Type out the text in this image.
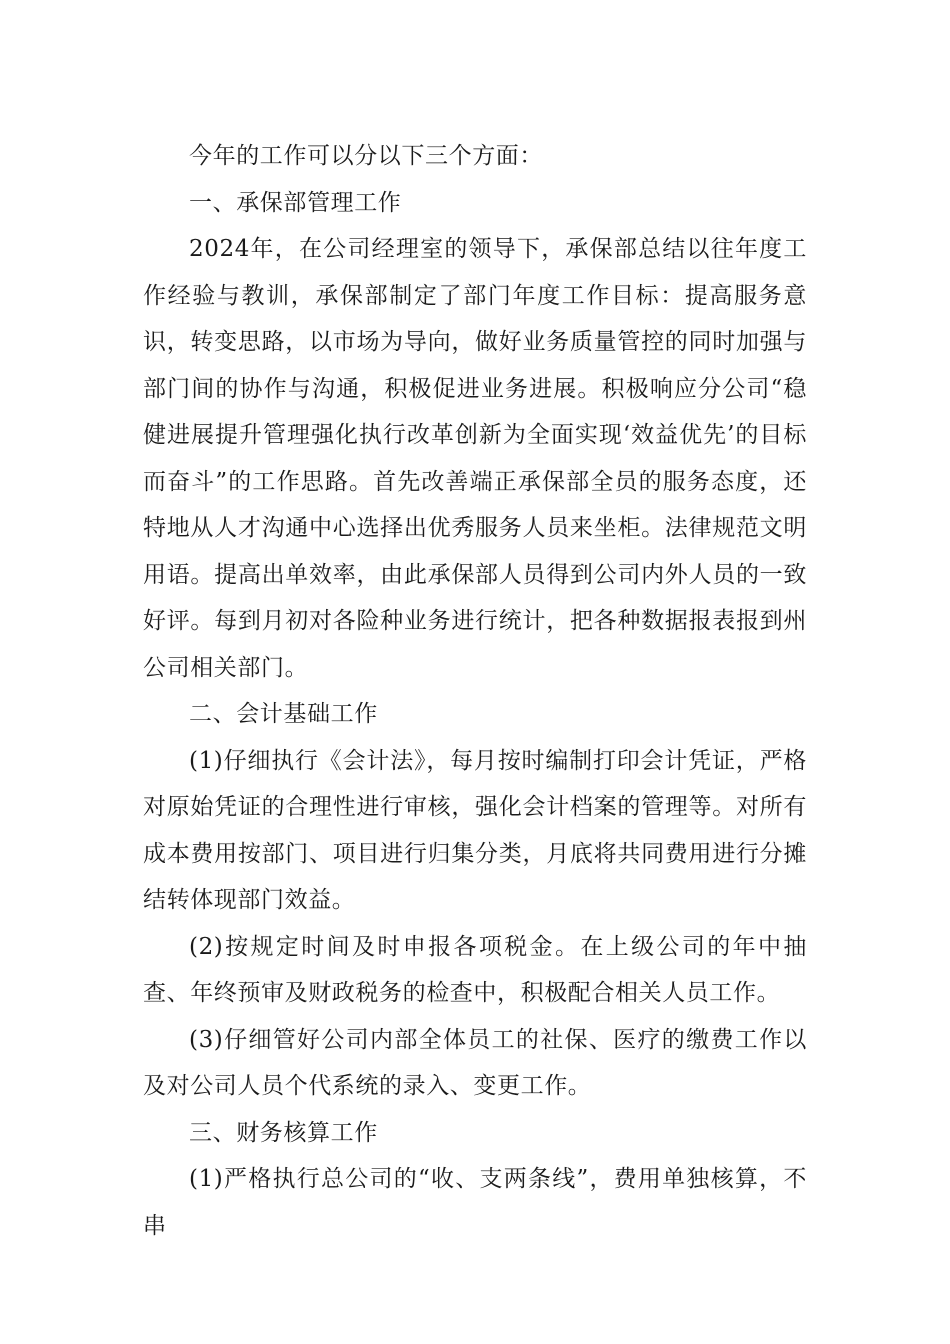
今年的工作可以分以下三个方面：

一、承保部管理工作

2024年，在公司经理室的领导下，承保部总结以往年度工作经验与教训，承保部制定了部门年度工作目标：提高服务意识，转变思路，以市场为导向，做好业务质量管控的同时加强与部门间的协作与沟通，积极促进业务进展。积极响应分公司“稳健进展提升管理强化执行改革创新为全面实现‘效益优先’的目标而奋斗”的工作思路。首先改善端正承保部全员的服务态度，还特地从人才沟通中心选择出优秀服务人员来坐柜。法律规范文明用语。提高出单效率，由此承保部人员得到公司内外人员的一致好评。每到月初对各险种业务进行统计，把各种数据报表报到州公司相关部门。

二、会计基础工作

(1)仔细执行《会计法》，每月按时编制打印会计凭证，严格对原始凭证的合理性进行审核，强化会计档案的管理等。对所有成本费用按部门、项目进行归集分类，月底将共同费用进行分摊结转体现部门效益。

(2)按规定时间及时申报各项税金。在上级公司的年中抽查、年终预审及财政税务的检查中，积极配合相关人员工作。

(3)仔细管好公司内部全体员工的社保、医疗的缴费工作以及对公司人员个代系统的录入、变更工作。

三、财务核算工作

(1)严格执行总公司的“收、支两条线”，费用单独核算，不串
